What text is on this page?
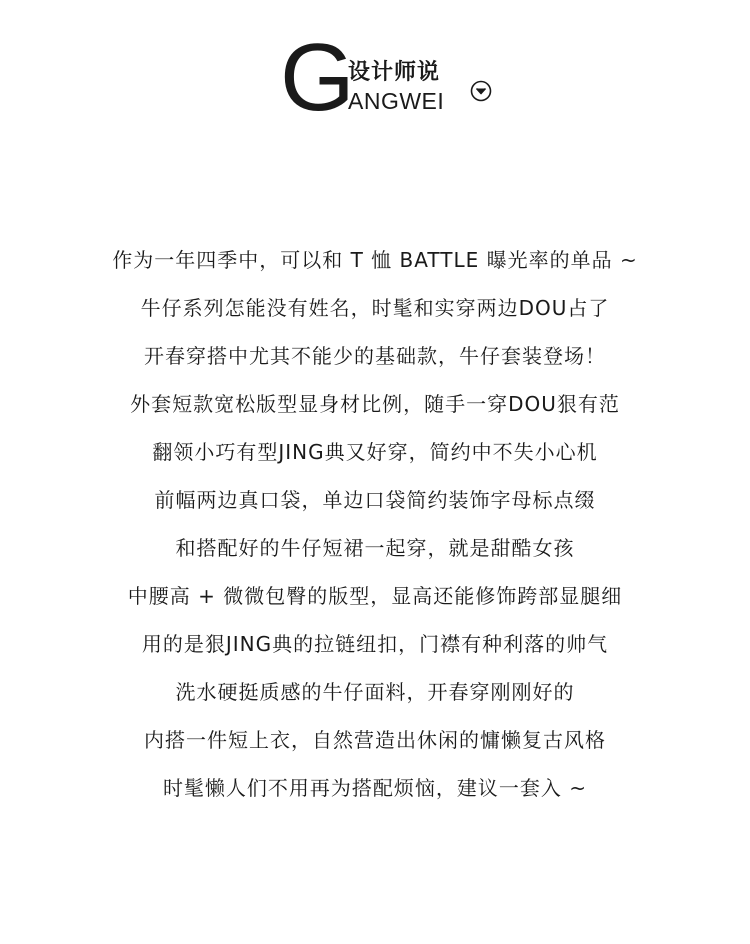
G
设计师说
ANGWEI
作为一年四季中，可以和 T 恤 BATTLE 曝光率的单品 ~
牛仔系列怎能没有姓名，时髦和实穿两边DOU占了
开春穿搭中尤其不能少的基础款，牛仔套装登场！
外套短款宽松版型显身材比例，随手一穿DOU狠有范
翻领小巧有型JING典又好穿，简约中不失小心机
前幅两边真口袋，单边口袋简约装饰字母标点缀
和搭配好的牛仔短裙一起穿，就是甜酷女孩
中腰高 + 微微包臀的版型，显高还能修饰跨部显腿细
用的是狠JING典的拉链纽扣，门襟有种利落的帅气
洗水硬挺质感的牛仔面料，开春穿刚刚好的
内搭一件短上衣，自然营造出休闲的慵懒复古风格
时髦懒人们不用再为搭配烦恼，建议一套入 ~
